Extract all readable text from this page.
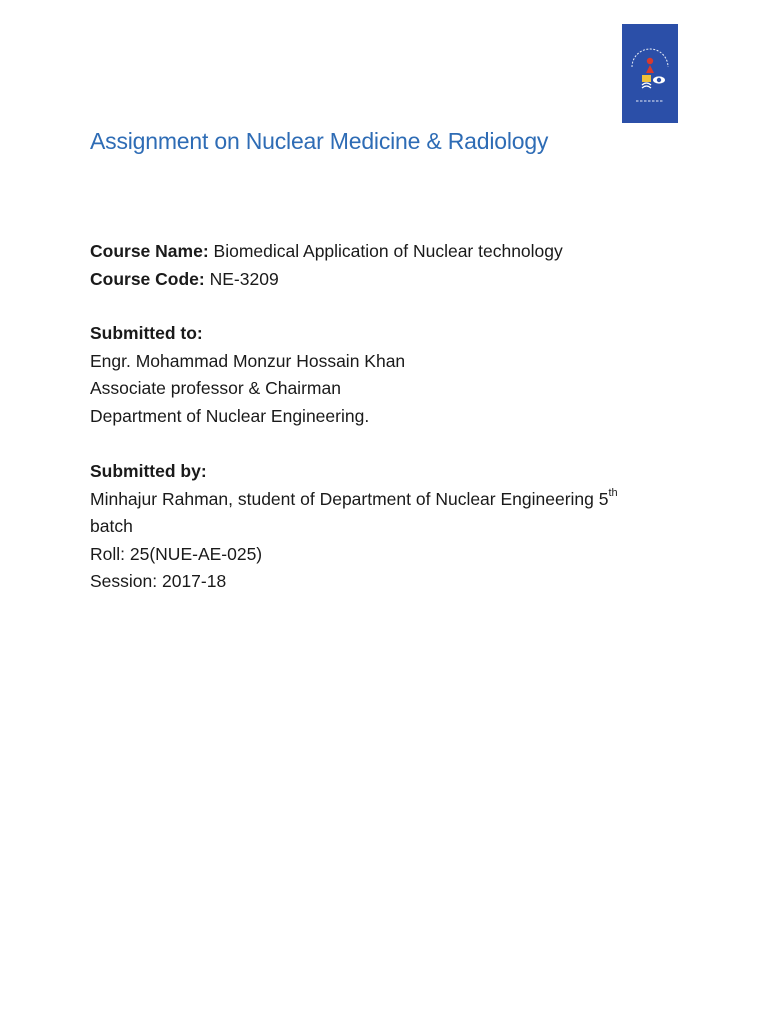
Assignment on Nuclear Medicine & Radiology
Course Name: Biomedical Application of Nuclear technology
Course Code: NE-3209
Submitted to:
Engr. Mohammad Monzur Hossain Khan
Associate professor & Chairman
Department of Nuclear Engineering.
Submitted by:
Minhajur Rahman, student of Department of Nuclear Engineering 5th
batch
Roll: 25(NUE-AE-025)
Session: 2017-18
